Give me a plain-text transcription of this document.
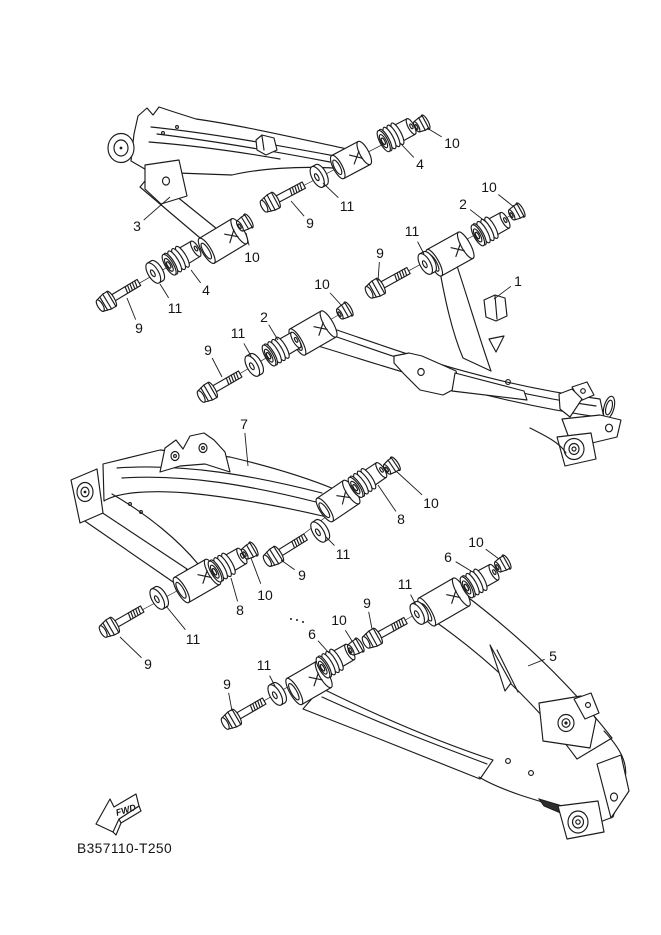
10
4
11
9
3
10
10
2
11
9
1
4
11
9
10
2
11
9
7
8
10
11
9
10
8
11
9
6
10
11
9
6
10
11
9
5
FWD
B357110-T250
